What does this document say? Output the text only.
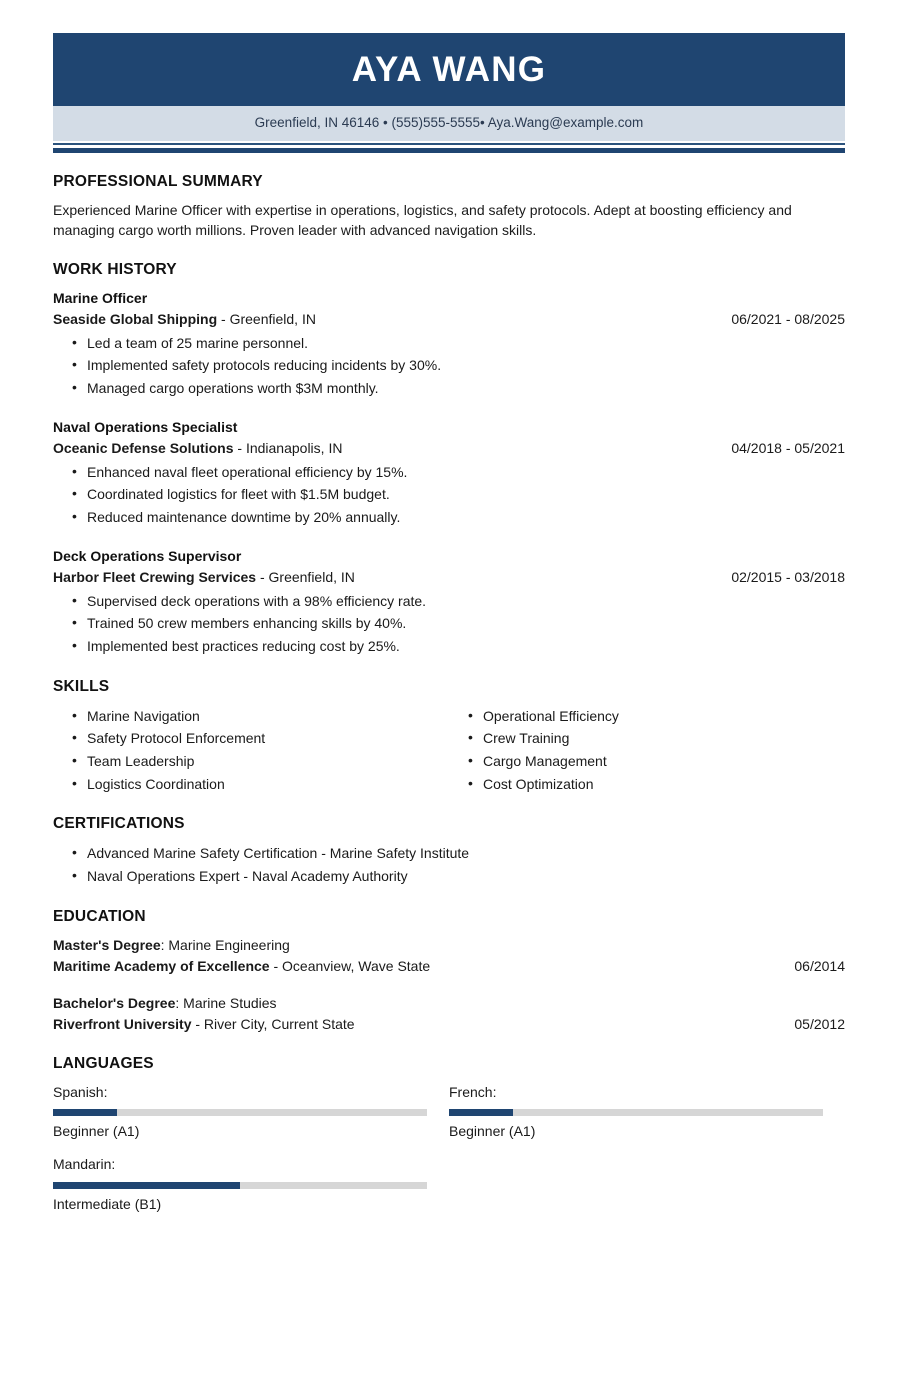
AYA WANG
Greenfield, IN 46146 • (555)555-5555• Aya.Wang@example.com
PROFESSIONAL SUMMARY
Experienced Marine Officer with expertise in operations, logistics, and safety protocols. Adept at boosting efficiency and managing cargo worth millions. Proven leader with advanced navigation skills.
WORK HISTORY
Marine Officer
Seaside Global Shipping - Greenfield, IN	06/2021 - 08/2025
• Led a team of 25 marine personnel.
• Implemented safety protocols reducing incidents by 30%.
• Managed cargo operations worth $3M monthly.
Naval Operations Specialist
Oceanic Defense Solutions - Indianapolis, IN	04/2018 - 05/2021
• Enhanced naval fleet operational efficiency by 15%.
• Coordinated logistics for fleet with $1.5M budget.
• Reduced maintenance downtime by 20% annually.
Deck Operations Supervisor
Harbor Fleet Crewing Services - Greenfield, IN	02/2015 - 03/2018
• Supervised deck operations with a 98% efficiency rate.
• Trained 50 crew members enhancing skills by 40%.
• Implemented best practices reducing cost by 25%.
SKILLS
• Marine Navigation
• Safety Protocol Enforcement
• Team Leadership
• Logistics Coordination
• Operational Efficiency
• Crew Training
• Cargo Management
• Cost Optimization
CERTIFICATIONS
• Advanced Marine Safety Certification - Marine Safety Institute
• Naval Operations Expert - Naval Academy Authority
EDUCATION
Master's Degree: Marine Engineering
Maritime Academy of Excellence - Oceanview, Wave State	06/2014
Bachelor's Degree: Marine Studies
Riverfront University - River City, Current State	05/2012
LANGUAGES
Spanish:
Beginner (A1)
French:
Beginner (A1)
Mandarin:
Intermediate (B1)
